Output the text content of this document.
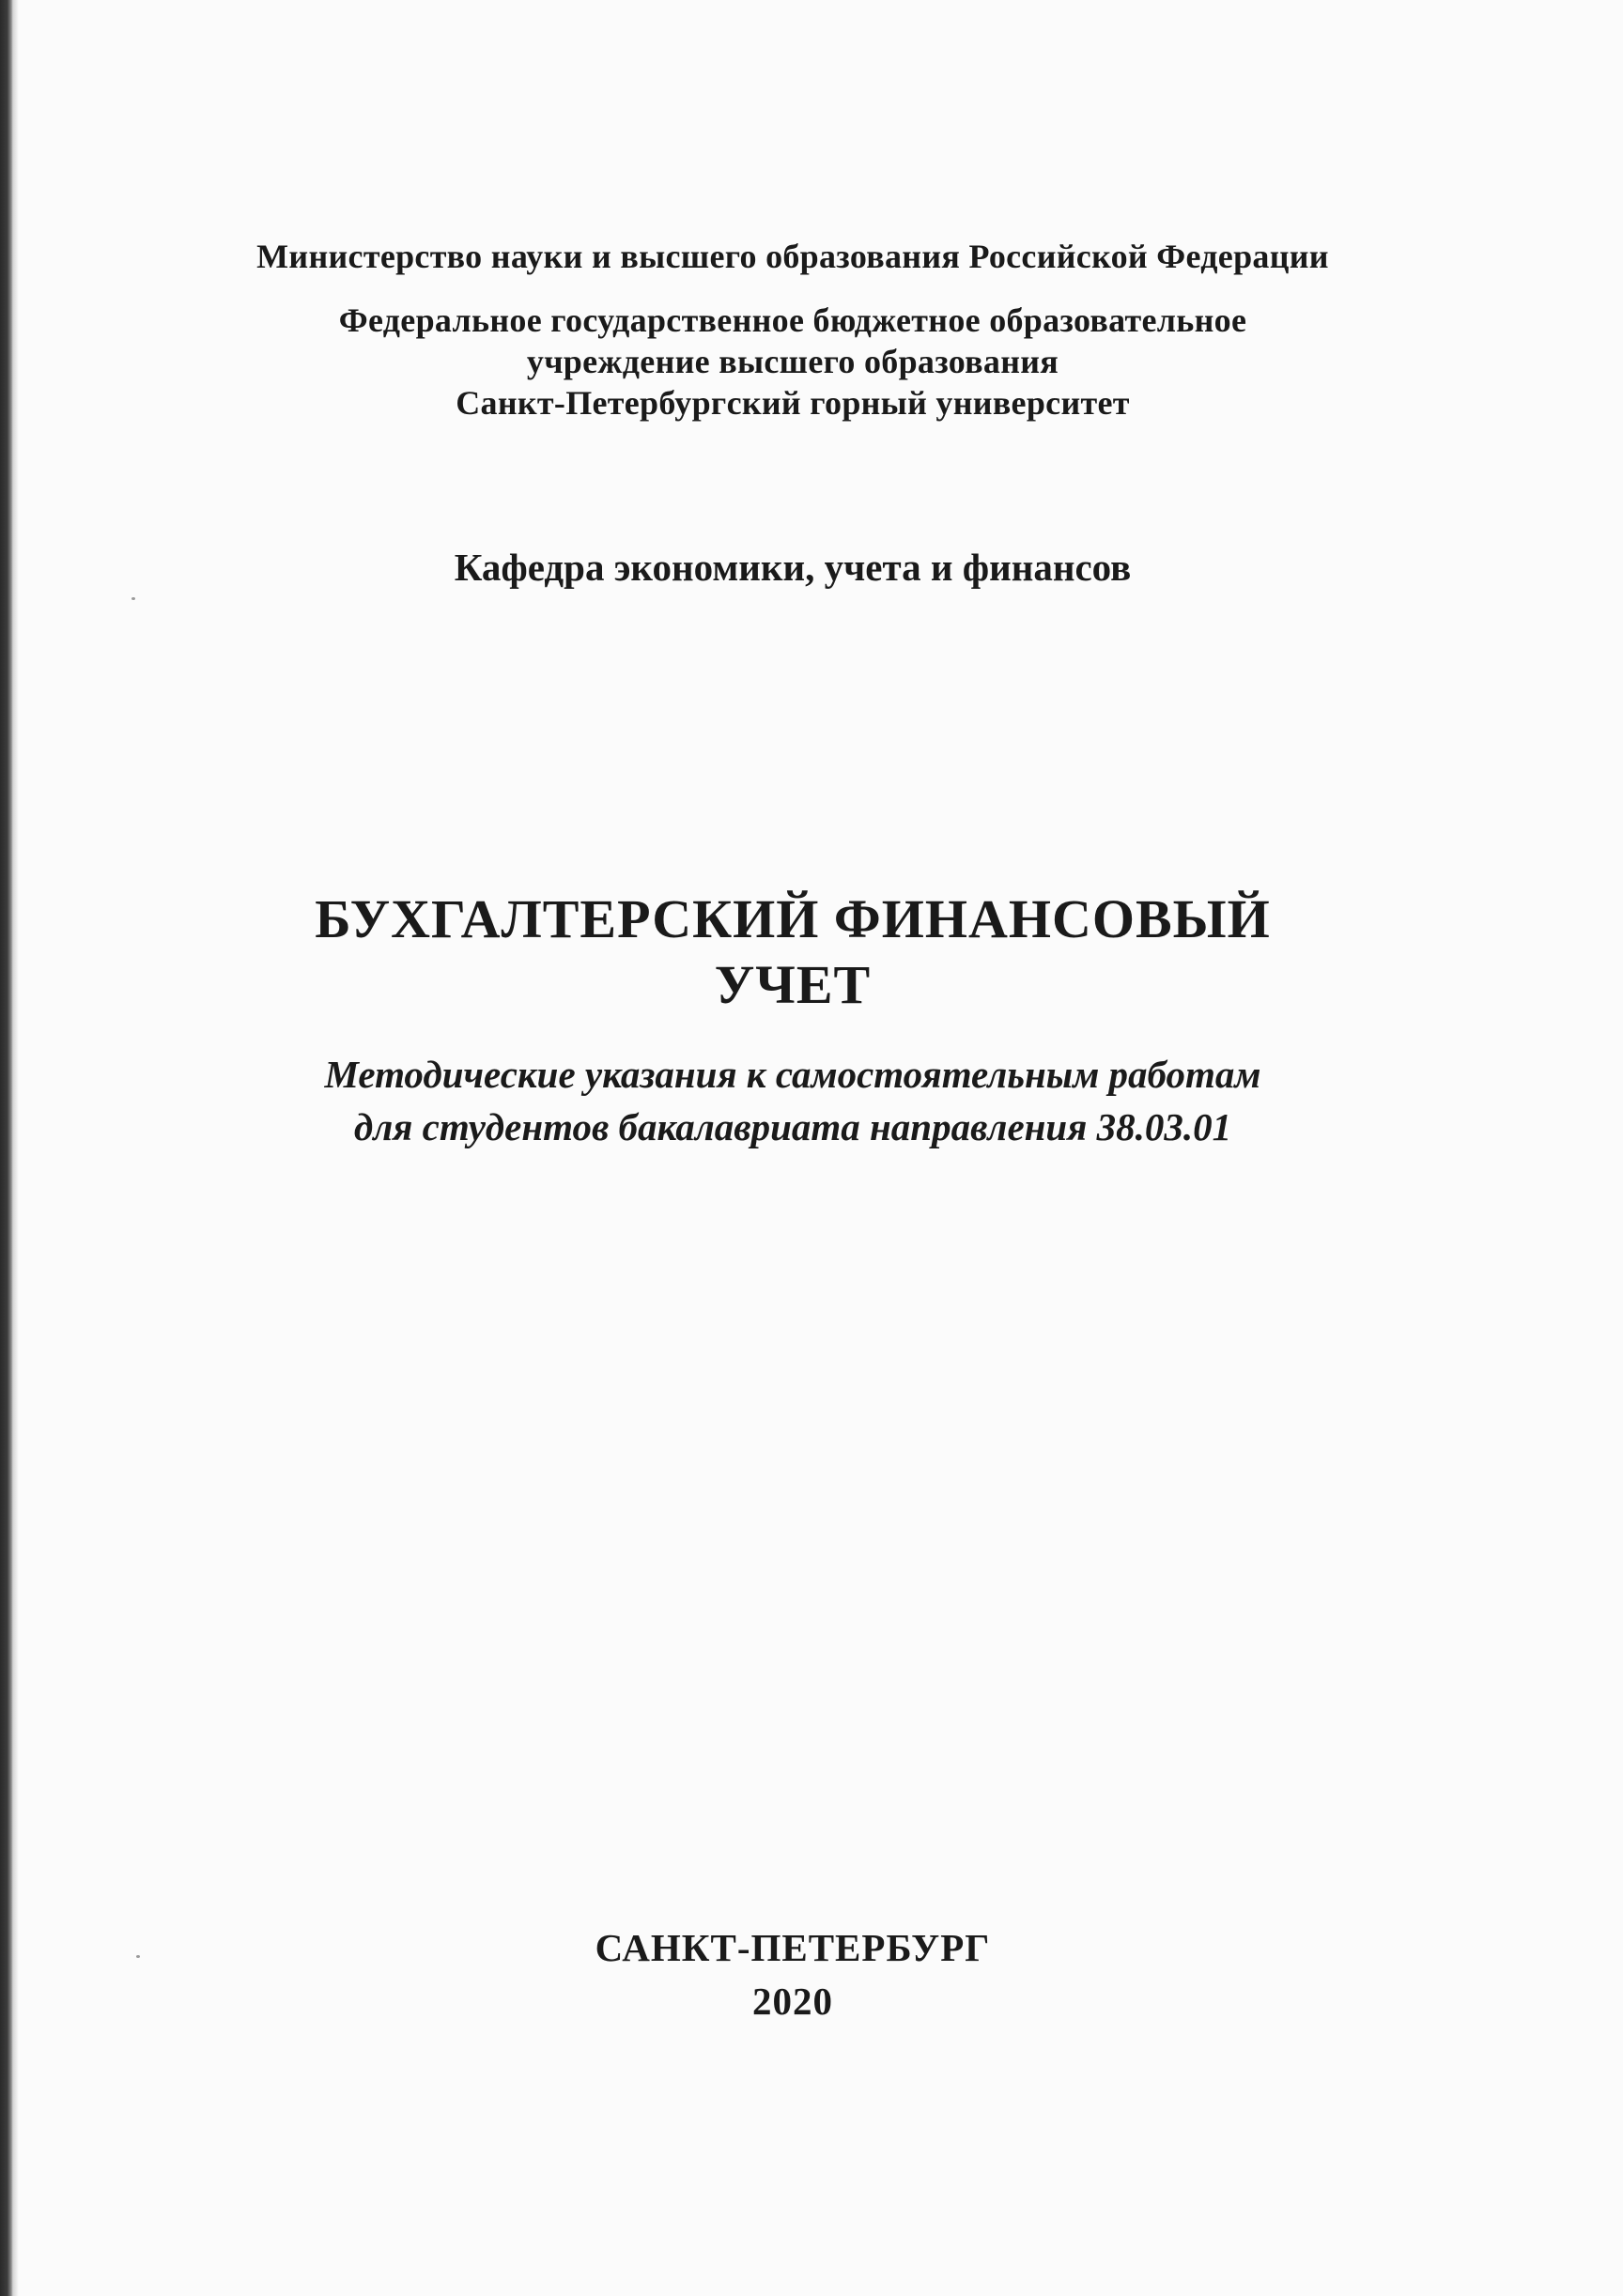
Министерство науки и высшего образования Российской Федерации
Федеральное государственное бюджетное образовательное
учреждение высшего образования
Санкт-Петербургский горный университет
Кафедра экономики, учета и финансов
БУХГАЛТЕРСКИЙ ФИНАНСОВЫЙ
УЧЕТ
Методические указания к самостоятельным работам
для студентов бакалавриата направления 38.03.01
САНКТ-ПЕТЕРБУРГ
2020
